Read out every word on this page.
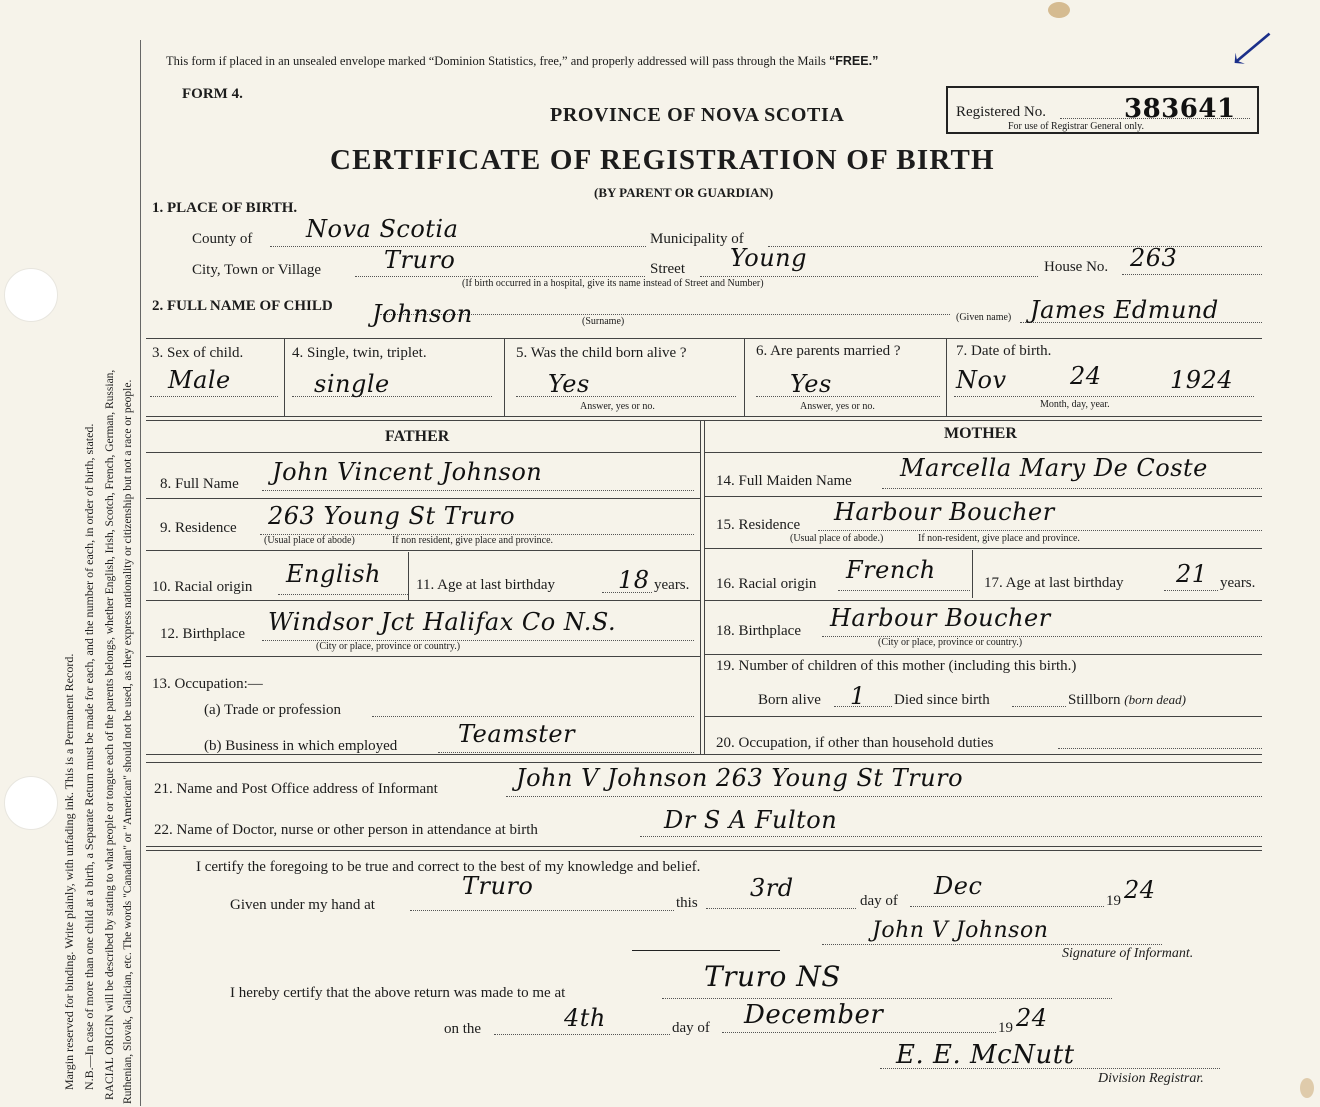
Margin reserved for binding. Write plainly, with unfading ink. This is a Permanent Record. N.B.—In case of more than one child at a birth, a Separate Return must be made for each, and the number of each, in order of birth, stated. RACIAL ORIGIN will be described by stating to what people or tongue each of the parents belongs, whether English, Irish, Scotch, French, German, Russian, Ruthenian, Slovak, Galician, etc. The words "Canadian" or "American" should not be used, as they express nationality or citizenship but not a race or people.
This form if placed in an unsealed envelope marked “Dominion Statistics, free,” and properly addressed will pass through the Mails “FREE.”
FORM 4.
PROVINCE OF NOVA SCOTIA	Registered No.	383641
For use of Registrar General only.
⟵
CERTIFICATE OF REGISTRATION OF BIRTH
(BY PARENT OR GUARDIAN)
1. PLACE OF BIRTH.
County of Nova Scotia	Municipality of
City, Town or Village	Truro	Street Young	House No. 263
(If birth occurred in a hospital, give its name instead of Street and Number)
2. FULL NAME OF CHILD Johnson	(Surname)	(Given name) James Edmund
3. Sex of child.
Male
4. Single, twin, triplet.
single
5. Was the child born alive ?
Yes
Answer, yes or no.
6. Are parents married ?
Yes
Answer, yes or no.
7. Date of birth.
Nov	24	1924
Month, day, year.
FATHER	MOTHER
8. Full Name John Vincent Johnson
9. Residence 263 Young St Truro
(Usual place of abode)	If non resident, give place and province.
10. Racial origin English 11. Age at last birthday	18 years.
12. Birthplace Windsor Jct Halifax Co N.S.
(City or place, province or country.)
13. Occupation:—
(a) Trade or profession
(b) Business in which employed	Teamster
14. Full Maiden Name Marcella Mary De Coste
15. Residence Harbour Boucher
(Usual place of abode.)	If non-resident, give place and province.
16. Racial origin French	17. Age at last birthday 21 years.
18. Birthplace Harbour Boucher
(City or place, province or country.)
19. Number of children of this mother (including this birth.)
Born alive 1 Died since birth	Stillborn (born dead)
20. Occupation, if other than household duties
21. Name and Post Office address of Informant	John V Johnson 263 Young St Truro
22. Name of Doctor, nurse or other person in attendance at birth	Dr S A Fulton
I certify the foregoing to be true and correct to the best of my knowledge and belief.
Given under my hand at
Truro
this
3rd	day of
Dec
19 24
John V Johnson
Signature of Informant.
I hereby certify that the above return was made to me at	Truro NS
on the	4th	day of December	19 24
E. E. McNutt
Division Registrar.
